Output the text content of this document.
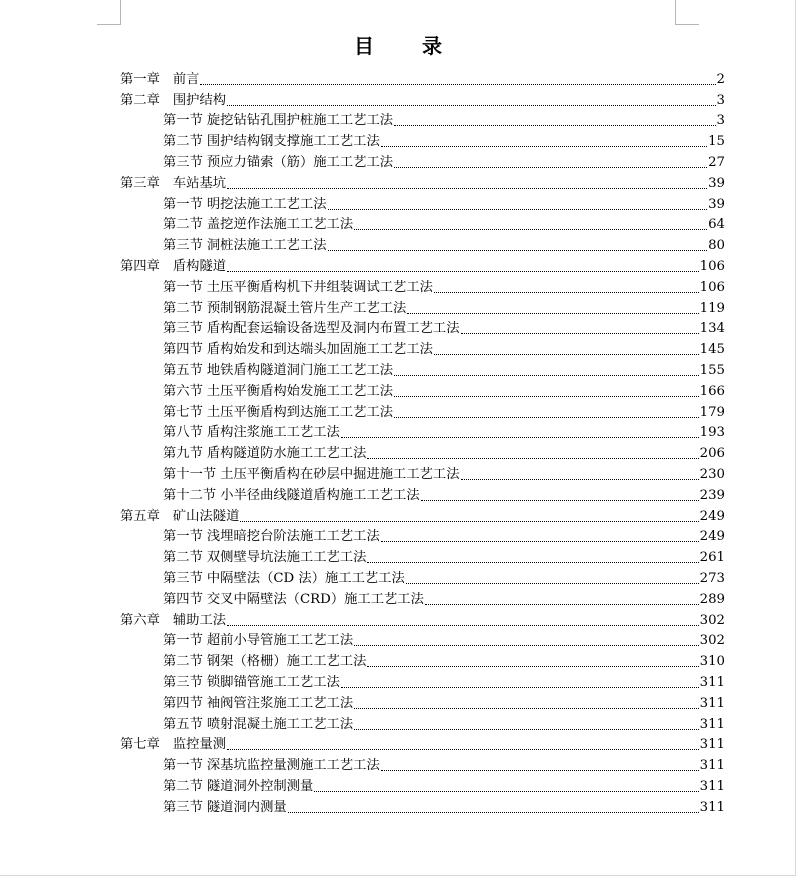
目　录
第一章 前言	2
第二章 围护结构	3
第一节 旋挖钻钻孔围护桩施工工艺工法	3
第二节 围护结构钢支撑施工工艺工法	15
第三节 预应力锚索（筋）施工工艺工法	27
第三章 车站基坑	39
第一节 明挖法施工工艺工法	39
第二节 盖挖逆作法施工工艺工法	64
第三节 洞桩法施工工艺工法	80
第四章 盾构隧道	106
第一节 土压平衡盾构机下井组装调试工艺工法	106
第二节 预制钢筋混凝土管片生产工艺工法	119
第三节 盾构配套运输设备选型及洞内布置工艺工法	134
第四节 盾构始发和到达端头加固施工工艺工法	145
第五节 地铁盾构隧道洞门施工工艺工法	155
第六节 土压平衡盾构始发施工工艺工法	166
第七节 土压平衡盾构到达施工工艺工法	179
第八节 盾构注浆施工工艺工法	193
第九节 盾构隧道防水施工工艺工法	206
第十一节 土压平衡盾构在砂层中掘进施工工艺工法	230
第十二节 小半径曲线隧道盾构施工工艺工法	239
第五章 矿山法隧道	249
第一节 浅埋暗挖台阶法施工工艺工法	249
第二节 双侧壁导坑法施工工艺工法	261
第三节 中隔壁法（CD 法）施工工艺工法	273
第四节 交叉中隔壁法（CRD）施工工艺工法	289
第六章 辅助工法	302
第一节 超前小导管施工工艺工法	302
第二节 钢架（格栅）施工工艺工法	310
第三节 锁脚锚管施工工艺工法	311
第四节 袖阀管注浆施工工艺工法	311
第五节 喷射混凝土施工工艺工法	311
第七章 监控量测	311
第一节 深基坑监控量测施工工艺工法	311
第二节 隧道洞外控制测量	311
第三节 隧道洞内测量	311
